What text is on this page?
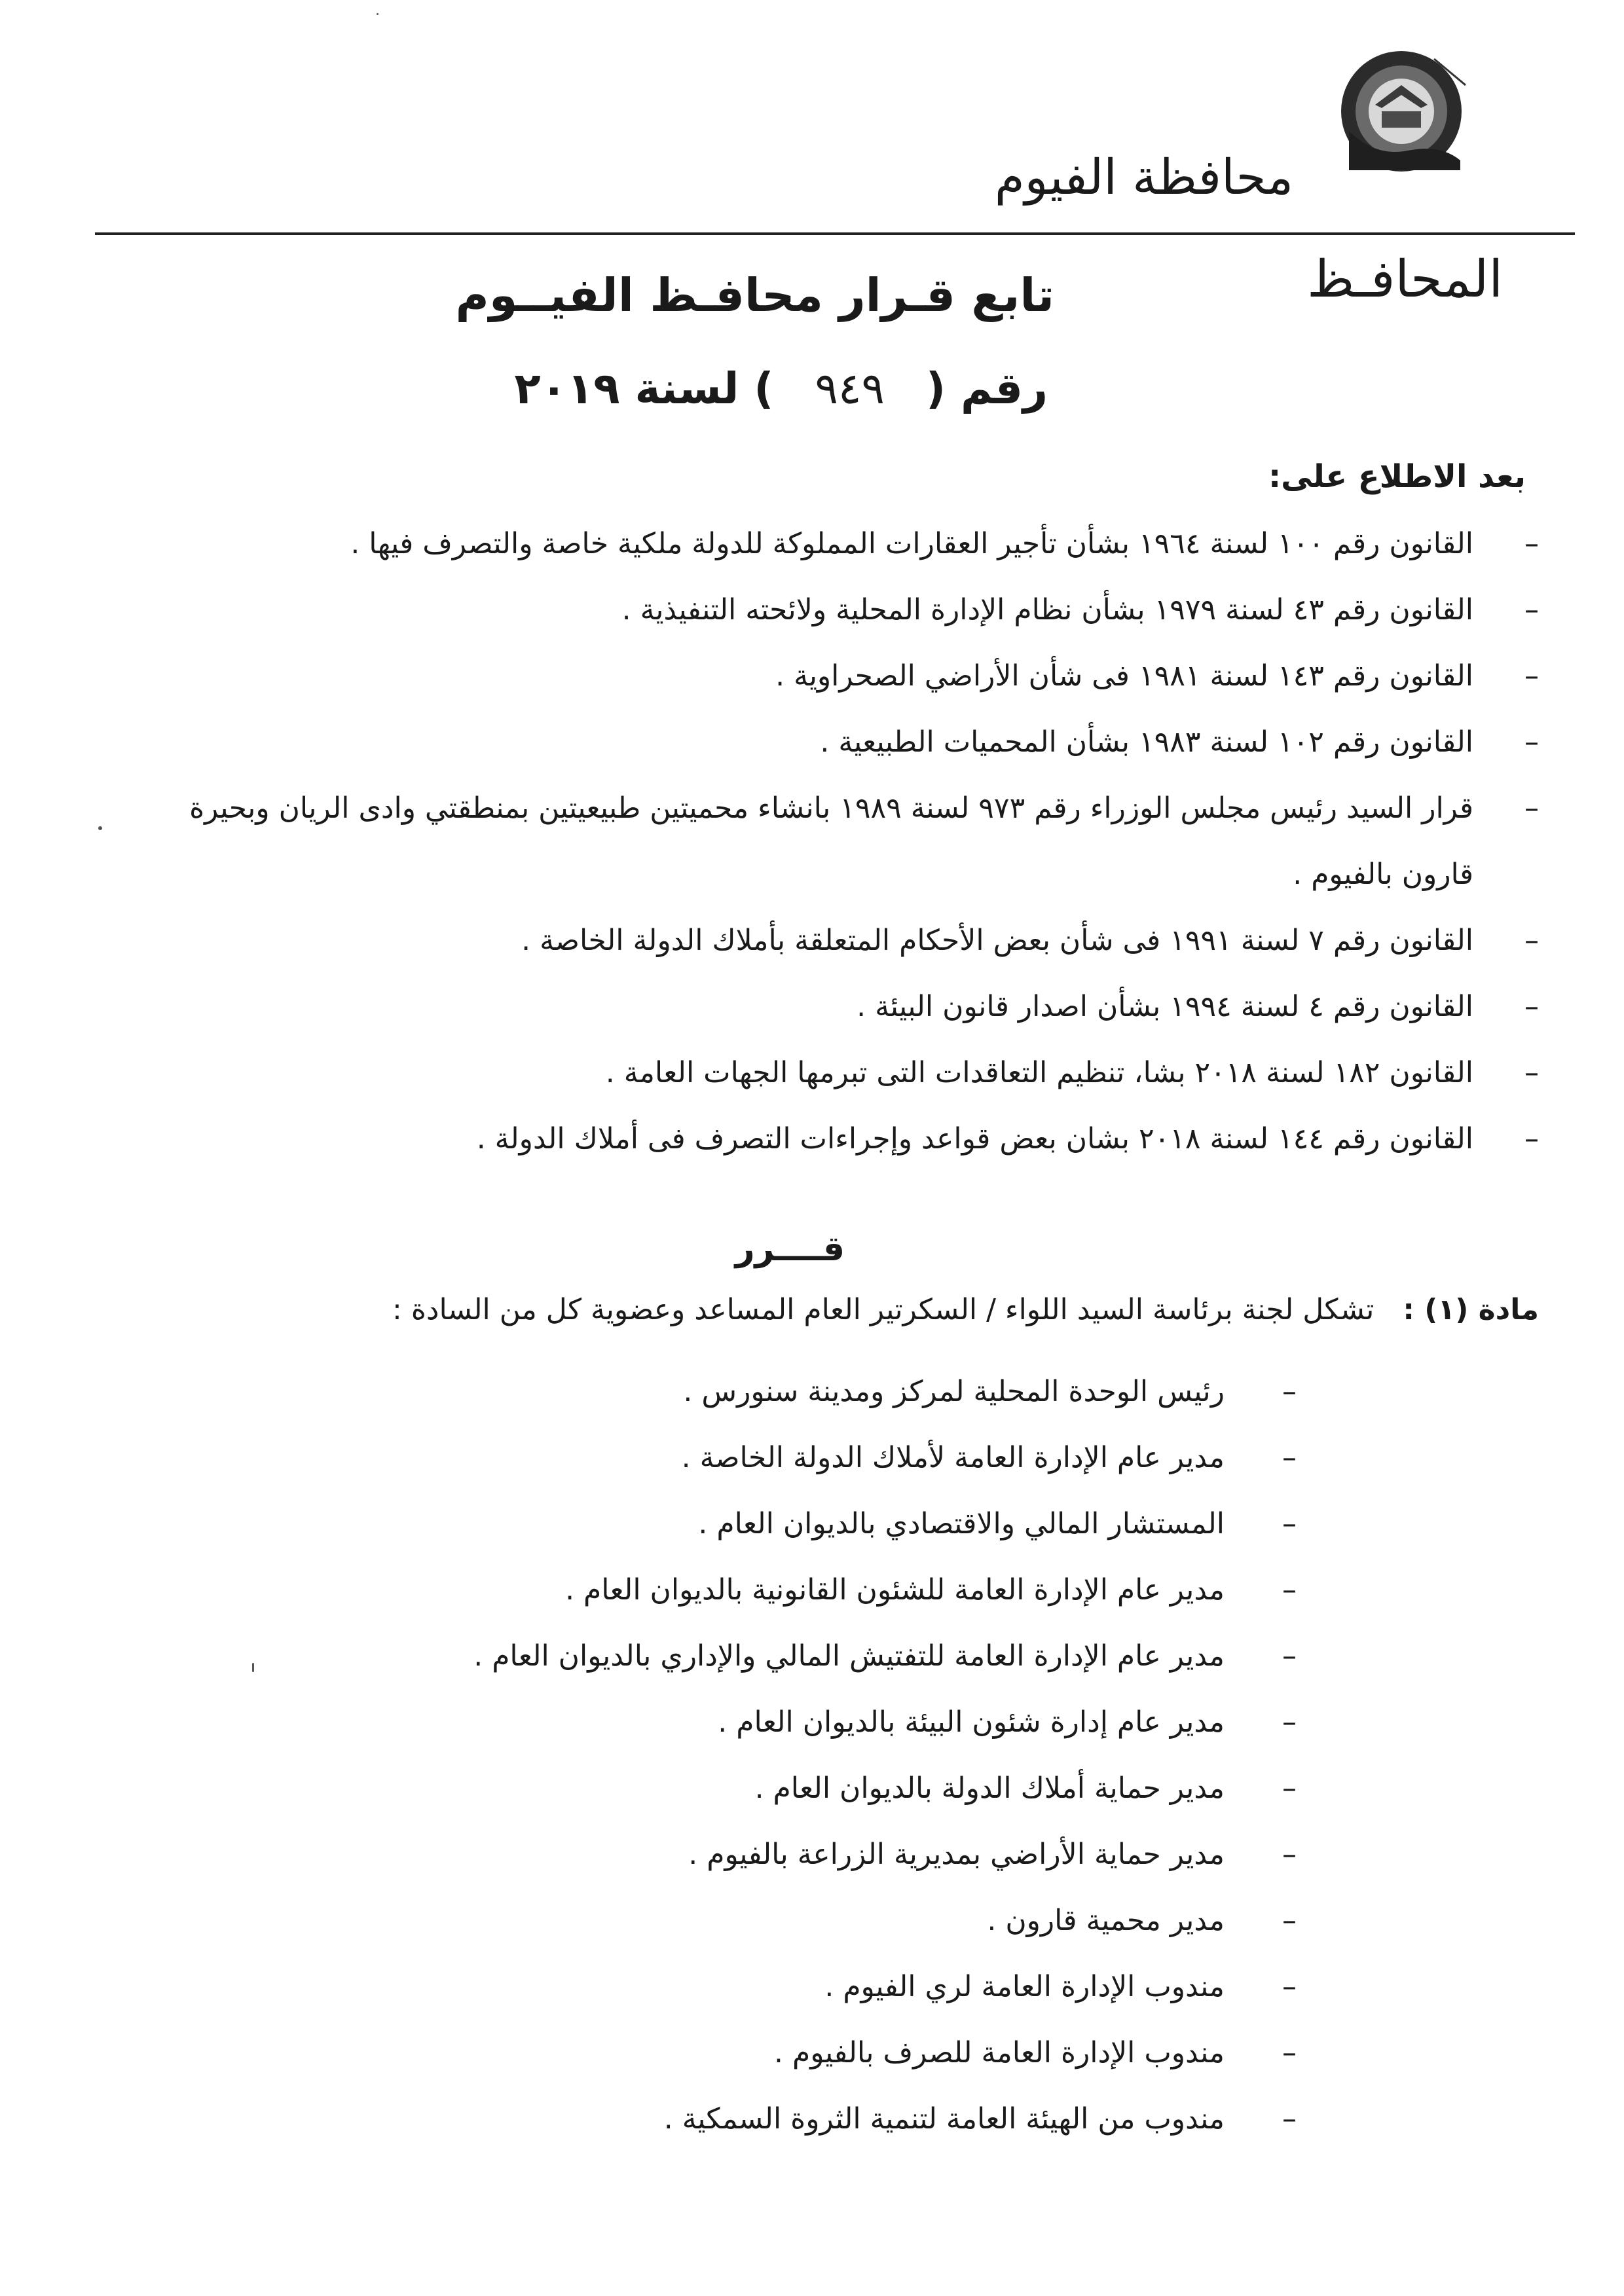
محافظة الفيوم
المحافـظ
تابع قـرار محافـظ الفيــوم
رقم ( ٩٤٩ ) لسنة ٢٠١٩
بعد الاطلاع على:
–
القانون رقم ١٠٠ لسنة ١٩٦٤ بشأن تأجير العقارات المملوكة للدولة ملكية خاصة والتصرف فيها .
–
القانون رقم ٤٣ لسنة ١٩٧٩ بشأن نظام الإدارة المحلية ولائحته التنفيذية .
–
القانون رقم ١٤٣ لسنة ١٩٨١ فى شأن الأراضي الصحراوية .
–
القانون رقم ١٠٢ لسنة ١٩٨٣ بشأن المحميات الطبيعية .
–
قرار السيد رئيس مجلس الوزراء رقم ٩٧٣ لسنة ١٩٨٩ بانشاء محميتين طبيعيتين بمنطقتي وادى الريان وبحيرة قارون بالفيوم .
–
القانون رقم ٧ لسنة ١٩٩١ فى شأن بعض الأحكام المتعلقة بأملاك الدولة الخاصة .
–
القانون رقم ٤ لسنة ١٩٩٤ بشأن اصدار قانون البيئة .
–
القانون ١٨٢ لسنة ٢٠١٨ بشا، تنظيم التعاقدات التى تبرمها الجهات العامة .
–
القانون رقم ١٤٤ لسنة ٢٠١٨ بشان بعض قواعد وإجراءات التصرف فى أملاك الدولة .
قــــرر
مادة (١) : تشكل لجنة برئاسة السيد اللواء / السكرتير العام المساعد وعضوية كل من السادة :
–
رئيس الوحدة المحلية لمركز ومدينة سنورس .
–
مدير عام الإدارة العامة لأملاك الدولة الخاصة .
–
المستشار المالي والاقتصادي بالديوان العام .
–
مدير عام الإدارة العامة للشئون القانونية بالديوان العام .
–
مدير عام الإدارة العامة للتفتيش المالي والإداري بالديوان العام .
–
مدير عام إدارة شئون البيئة بالديوان العام .
–
مدير حماية أملاك الدولة بالديوان العام .
–
مدير حماية الأراضي بمديرية الزراعة بالفيوم .
–
مدير محمية قارون .
–
مندوب الإدارة العامة لري الفيوم .
–
مندوب الإدارة العامة للصرف بالفيوم .
–
مندوب من الهيئة العامة لتنمية الثروة السمكية .
